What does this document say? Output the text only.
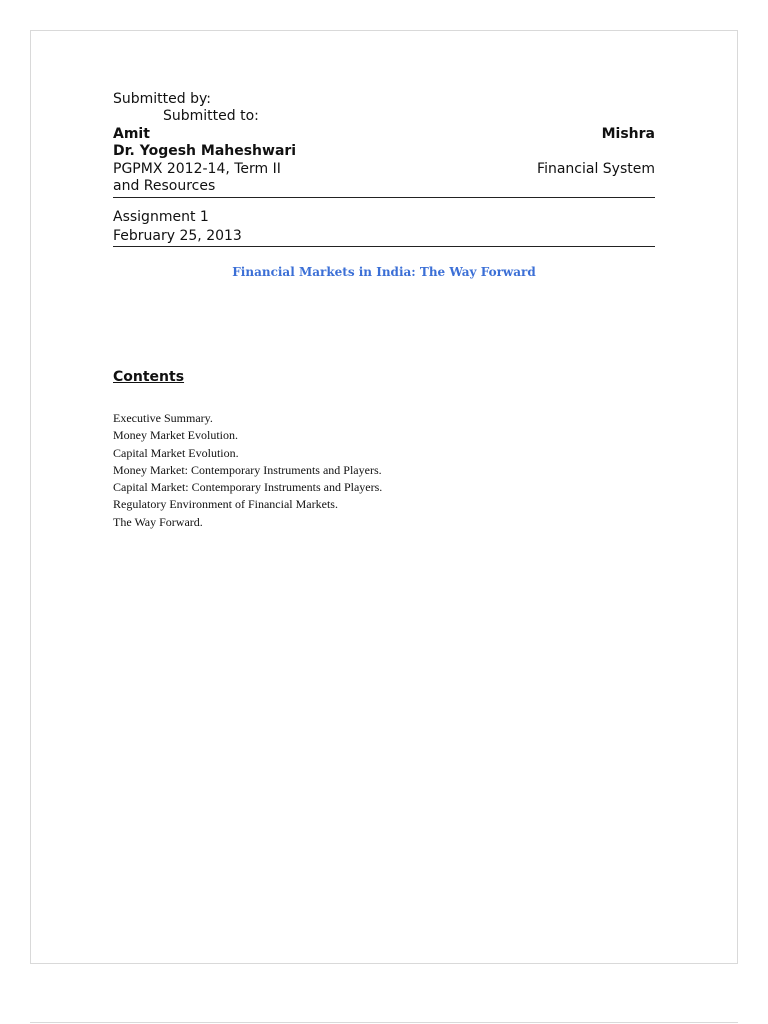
Submitted by:
Submitted to:
Amit	Mishra
Dr. Yogesh Maheshwari
PGPMX 2012-14, Term II	Financial System
and Resources
Assignment 1
February 25, 2013
Financial Markets in India: The Way Forward
Contents
Executive Summary.
Money Market Evolution.
Capital Market Evolution.
Money Market: Contemporary Instruments and Players.
Capital Market: Contemporary Instruments and Players.
Regulatory Environment of Financial Markets.
The Way Forward.
